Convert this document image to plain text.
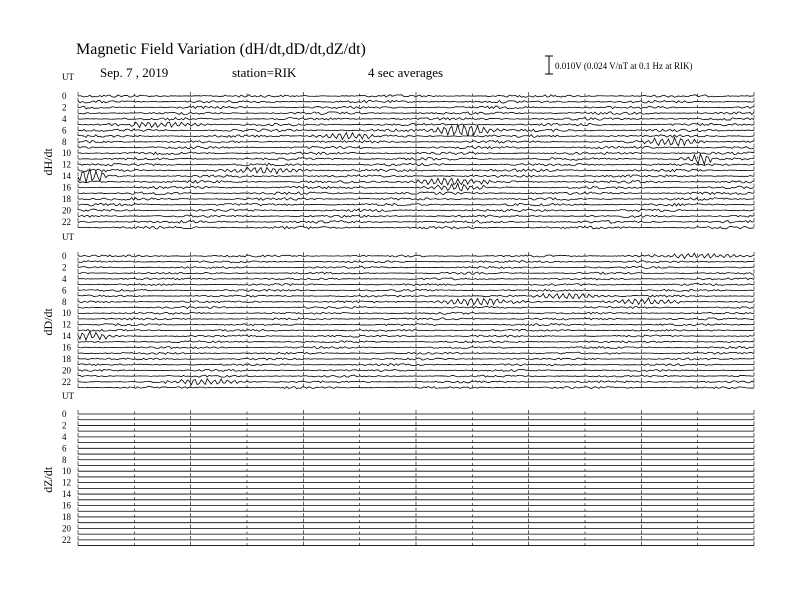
Magnetic Field Variation (dH/dt,dD/dt,dZ/dt)
Sep. 7 , 2019	station=RIK	4 sec averages	0.010V (0.024 V/nT at 0.1 Hz at RIK)
UT
dH/dt
0
2
4
6
8
10
12
14
16
18
20
22
UT
dD/dt
0
2
4
6
8
10
12
14
16
18
20
22
UT
dZ/dt
0
2
4
6
8
10
12
14
16
18
20
22
